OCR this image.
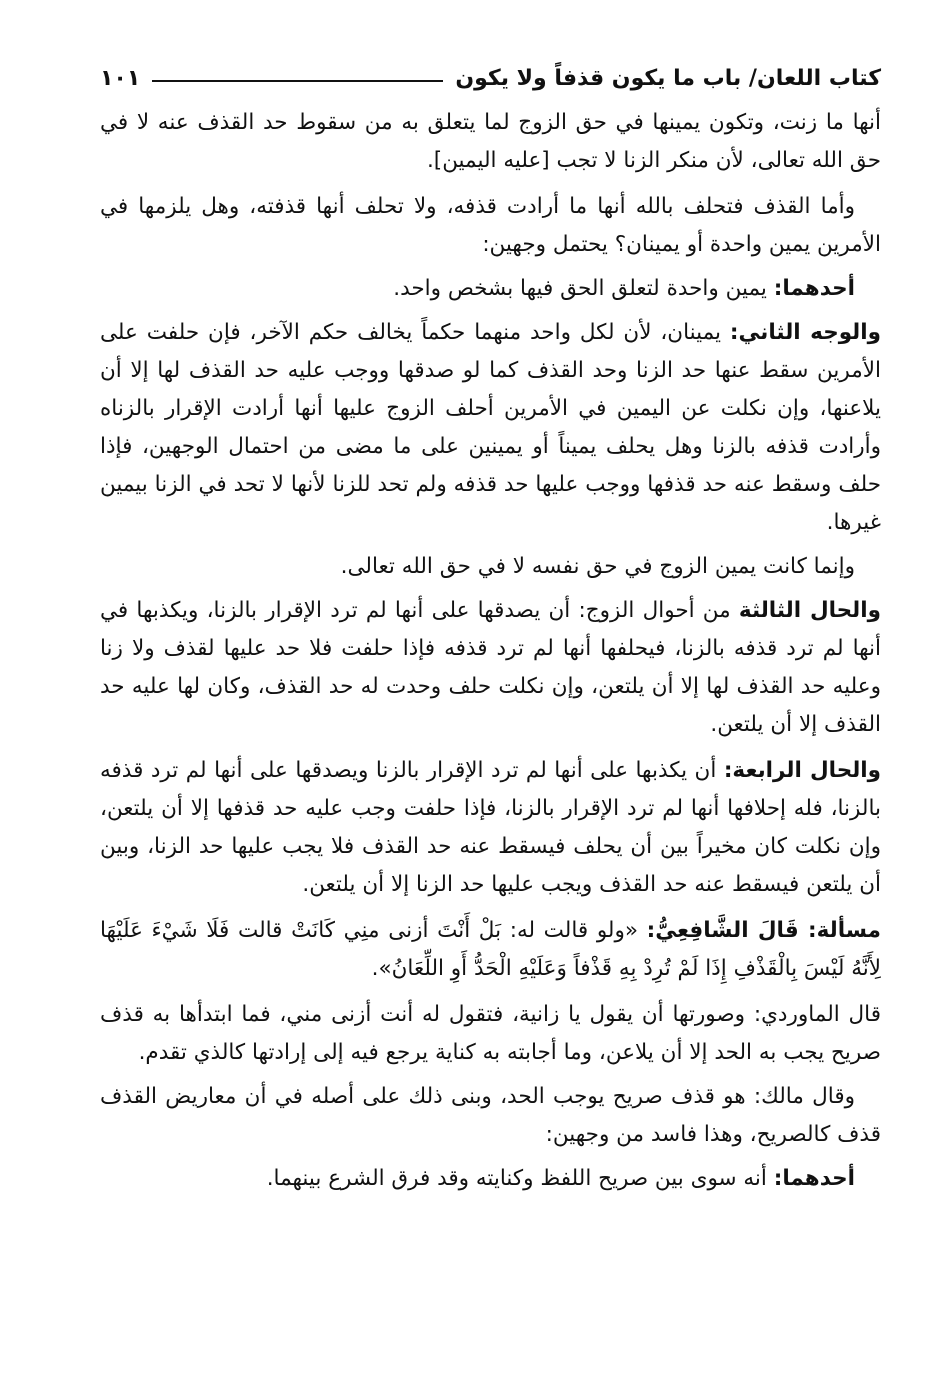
كتاب اللعان/ باب ما يكون قذفاً ولا يكون
١٠١

أنها ما زنت، وتكون يمينها في حق الزوج لما يتعلق به من سقوط حد القذف عنه لا في حق الله تعالى، لأن منكر الزنا لا تجب [عليه اليمين].

وأما القذف فتحلف بالله أنها ما أرادت قذفه، ولا تحلف أنها قذفته، وهل يلزمها في الأمرين يمين واحدة أو يمينان؟ يحتمل وجهين:

أحدهما: يمين واحدة لتعلق الحق فيها بشخص واحد.

والوجه الثاني: يمينان، لأن لكل واحد منهما حكماً يخالف حكم الآخر، فإن حلفت على الأمرين سقط عنها حد الزنا وحد القذف كما لو صدقها ووجب عليه حد القذف لها إلا أن يلاعنها، وإن نكلت عن اليمين في الأمرين أحلف الزوج عليها أنها أرادت الإقرار بالزناه وأرادت قذفه بالزنا وهل يحلف يميناً أو يمينين على ما مضى من احتمال الوجهين، فإذا حلف وسقط عنه حد قذفها ووجب عليها حد قذفه ولم تحد للزنا لأنها لا تحد في الزنا بيمين غيرها.

وإنما كانت يمين الزوج في حق نفسه لا في حق الله تعالى.

والحال الثالثة من أحوال الزوج: أن يصدقها على أنها لم ترد الإقرار بالزنا، ويكذبها في أنها لم ترد قذفه بالزنا، فيحلفها أنها لم ترد قذفه فإذا حلفت فلا حد عليها لقذف ولا زنا وعليه حد القذف لها إلا أن يلتعن، وإن نكلت حلف وحدت له حد القذف، وكان لها عليه حد القذف إلا أن يلتعن.

والحال الرابعة: أن يكذبها على أنها لم ترد الإقرار بالزنا ويصدقها على أنها لم ترد قذفه بالزنا، فله إحلافها أنها لم ترد الإقرار بالزنا، فإذا حلفت وجب عليه حد قذفها إلا أن يلتعن، وإن نكلت كان مخيراً بين أن يحلف فيسقط عنه حد القذف فلا يجب عليها حد الزنا، وبين أن يلتعن فيسقط عنه حد القذف ويجب عليها حد الزنا إلا أن يلتعن.

مسألة: قَالَ الشَّافِعِيُّ: «ولو قالت له: بَلْ أَنْتَ أزنى منِي كَانَتْ قالت فَلَا شَيْءَ عَلَيْهَا لِأَنَّهُ لَيْسَ بِالْقَذْفِ إِذَا لَمْ تُرِدْ بِهِ قَذْفاً وَعَلَيْهِ الْحَدُّ أَوِ اللِّعَانُ».

قال الماوردي: وصورتها أن يقول يا زانية، فتقول له أنت أزنى مني، فما ابتدأها به قذف صريح يجب به الحد إلا أن يلاعن، وما أجابته به كناية يرجع فيه إلى إرادتها كالذي تقدم.

وقال مالك: هو قذف صريح يوجب الحد، وبنى ذلك على أصله في أن معاريض القذف قذف كالصريح، وهذا فاسد من وجهين:

أحدهما: أنه سوى بين صريح اللفظ وكنايته وقد فرق الشرع بينهما.
